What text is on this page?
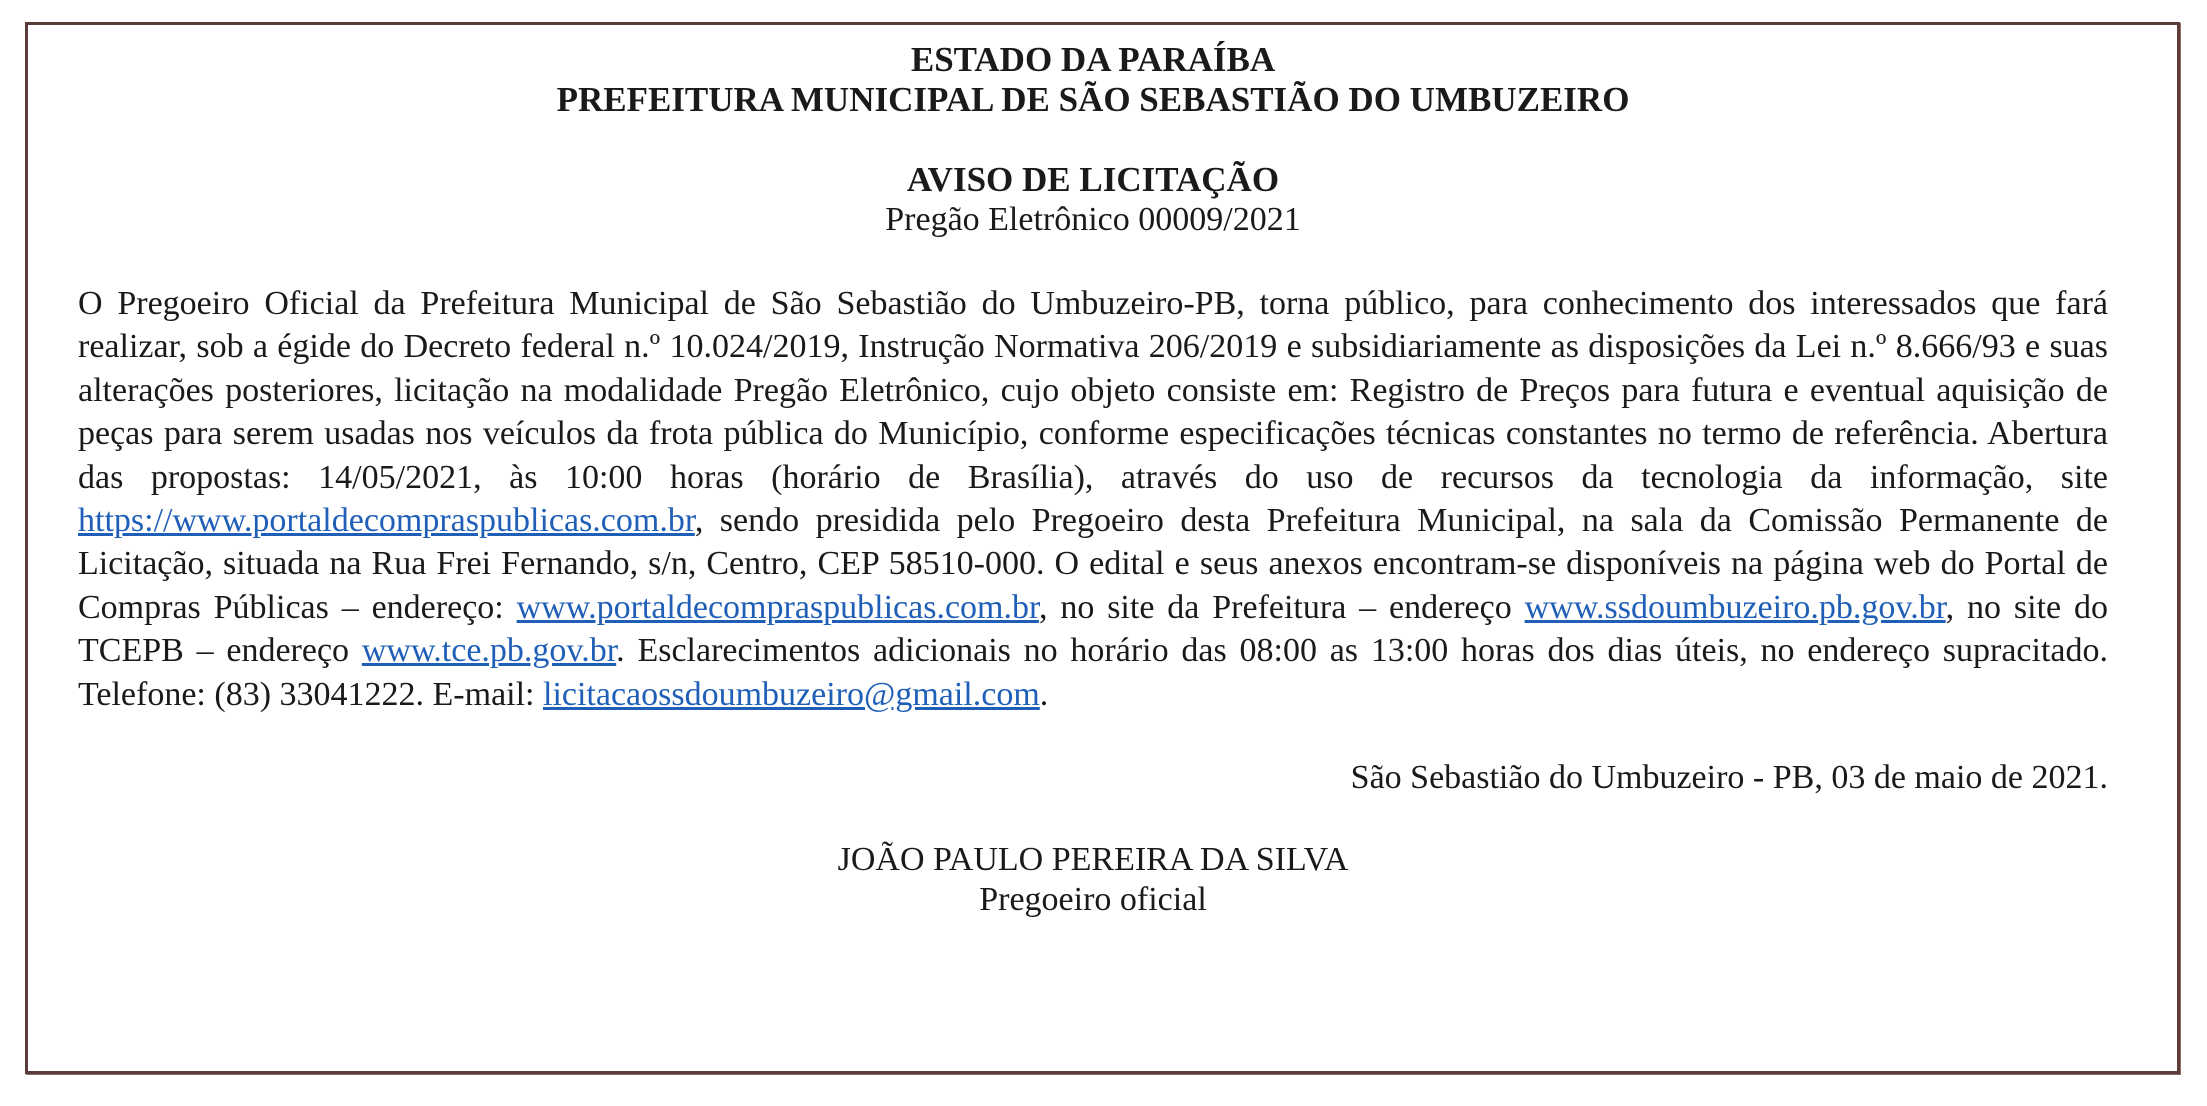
ESTADO DA PARAÍBA
PREFEITURA MUNICIPAL DE SÃO SEBASTIÃO DO UMBUZEIRO
AVISO DE LICITAÇÃO
Pregão Eletrônico 00009/2021
O Pregoeiro Oficial da Prefeitura Municipal de São Sebastião do Umbuzeiro-PB, torna público, para conhecimento dos interessados que fará realizar, sob a égide do Decreto federal n.º 10.024/2019, Instrução Normativa 206/2019 e subsidiariamente as disposições da Lei n.º 8.666/93 e suas alterações posteriores, licitação na modalidade Pregão Eletrônico, cujo objeto consiste em: Registro de Preços para futura e eventual aquisição de peças para serem usadas nos veículos da frota pública do Município, conforme especificações técnicas constantes no termo de referência. Abertura das propostas: 14/05/2021, às 10:00 horas (horário de Brasília), através do uso de recursos da tecnologia da informação, site https://www.portaldecompraspublicas.com.br, sendo presidida pelo Pregoeiro desta Prefeitura Municipal, na sala da Comissão Permanente de Licitação, situada na Rua Frei Fernando, s/n, Centro, CEP 58510-000. O edital e seus anexos encontram-se disponíveis na página web do Portal de Compras Públicas – endereço: www.portaldecompraspublicas.com.br, no site da Prefeitura – endereço www.ssdoumbuzeiro.pb.gov.br, no site do TCEPB – endereço www.tce.pb.gov.br. Esclarecimentos adicionais no horário das 08:00 as 13:00 horas dos dias úteis, no endereço supracitado. Telefone: (83) 33041222. E-mail: licitacaossdoumbuzeiro@gmail.com.
São Sebastião do Umbuzeiro - PB, 03 de maio de 2021.
JOÃO PAULO PEREIRA DA SILVA
Pregoeiro oficial
